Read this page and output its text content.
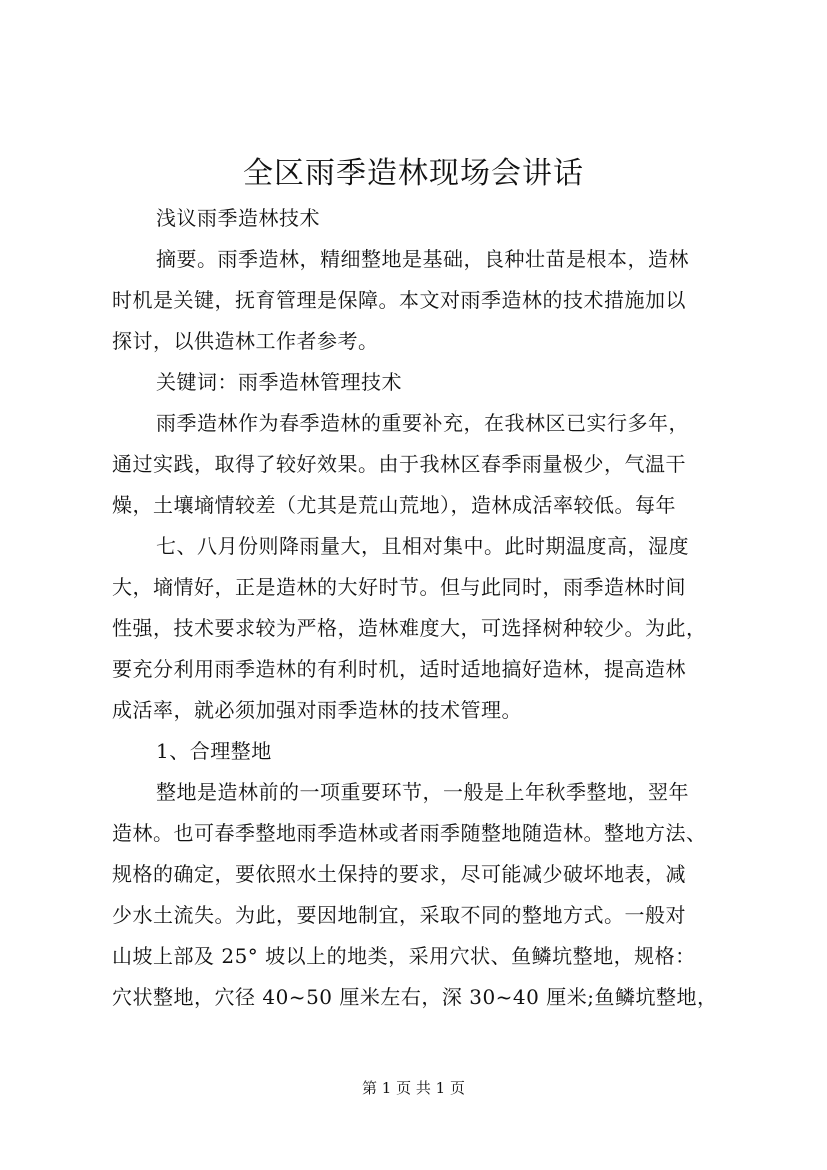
全区雨季造林现场会讲话
浅议雨季造林技术
摘要。雨季造林，精细整地是基础，良种壮苗是根本，造林
时机是关键，抚育管理是保障。本文对雨季造林的技术措施加以
探讨，以供造林工作者参考。
关键词：雨季造林管理技术
雨季造林作为春季造林的重要补充，在我林区已实行多年，
通过实践，取得了较好效果。由于我林区春季雨量极少，气温干
燥，土壤墒情较差（尤其是荒山荒地），造林成活率较低。每年
七、八月份则降雨量大，且相对集中。此时期温度高，湿度
大，墒情好，正是造林的大好时节。但与此同时，雨季造林时间
性强，技术要求较为严格，造林难度大，可选择树种较少。为此，
要充分利用雨季造林的有利时机，适时适地搞好造林，提高造林
成活率，就必须加强对雨季造林的技术管理。
1、合理整地
整地是造林前的一项重要环节，一般是上年秋季整地，翌年
造林。也可春季整地雨季造林或者雨季随整地随造林。整地方法、
规格的确定，要依照水土保持的要求，尽可能减少破坏地表，减
少水土流失。为此，要因地制宜，采取不同的整地方式。一般对
山坡上部及 25° 坡以上的地类，采用穴状、鱼鳞坑整地，规格：
穴状整地，穴径 40~50 厘米左右，深 30~40 厘米;鱼鳞坑整地，
第 1 页 共 1 页
